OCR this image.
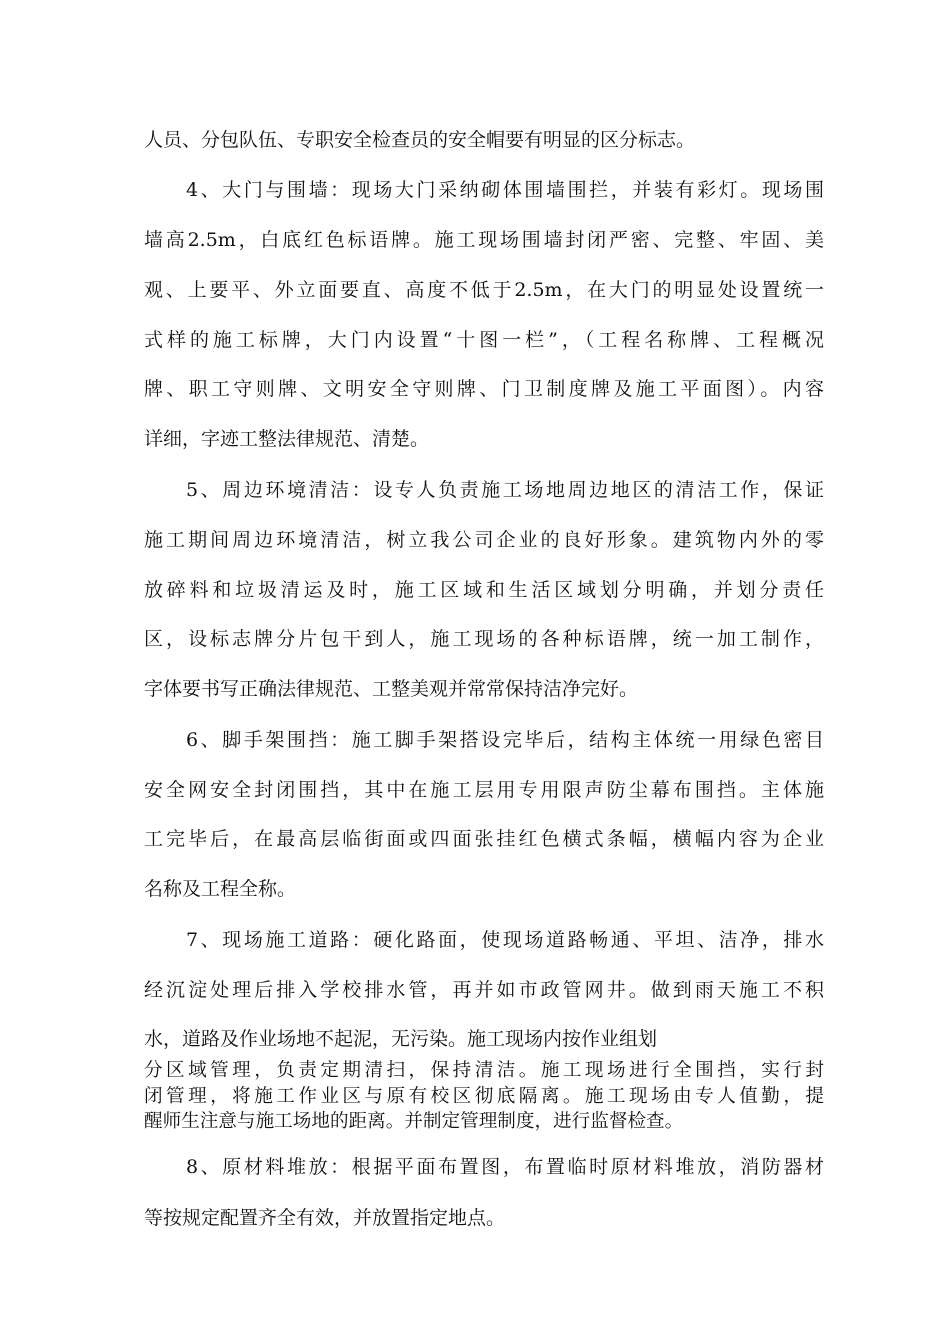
人员、分包队伍、专职安全检查员的安全帽要有明显的区分标志。
4、大门与围墙：现场大门采纳砌体围墙围拦，并装有彩灯。现场围
墙高2.5m，白底红色标语牌。施工现场围墙封闭严密、完整、牢固、美
观、上要平、外立面要直、高度不低于2.5m，在大门的明显处设置统一
式样的施工标牌，大门内设置“十图一栏”，（工程名称牌、工程概况
牌、职工守则牌、文明安全守则牌、门卫制度牌及施工平面图）。内容
详细，字迹工整法律规范、清楚。
5、周边环境清洁：设专人负责施工场地周边地区的清洁工作，保证
施工期间周边环境清洁，树立我公司企业的良好形象。建筑物内外的零
放碎料和垃圾清运及时，施工区域和生活区域划分明确，并划分责任
区，设标志牌分片包干到人，施工现场的各种标语牌，统一加工制作，
字体要书写正确法律规范、工整美观并常常保持洁净完好。
6、脚手架围挡：施工脚手架搭设完毕后，结构主体统一用绿色密目
安全网安全封闭围挡，其中在施工层用专用限声防尘幕布围挡。主体施
工完毕后，在最高层临街面或四面张挂红色横式条幅，横幅内容为企业
名称及工程全称。
7、现场施工道路：硬化路面，使现场道路畅通、平坦、洁净，排水
经沉淀处理后排入学校排水管，再并如市政管网井。做到雨天施工不积
水，道路及作业场地不起泥，无污染。施工现场内按作业组划
分区域管理，负责定期清扫，保持清洁。施工现场进行全围挡，实行封
闭管理，将施工作业区与原有校区彻底隔离。施工现场由专人值勤，提
醒师生注意与施工场地的距离。并制定管理制度，进行监督检查。
8、原材料堆放：根据平面布置图，布置临时原材料堆放，消防器材
等按规定配置齐全有效，并放置指定地点。
